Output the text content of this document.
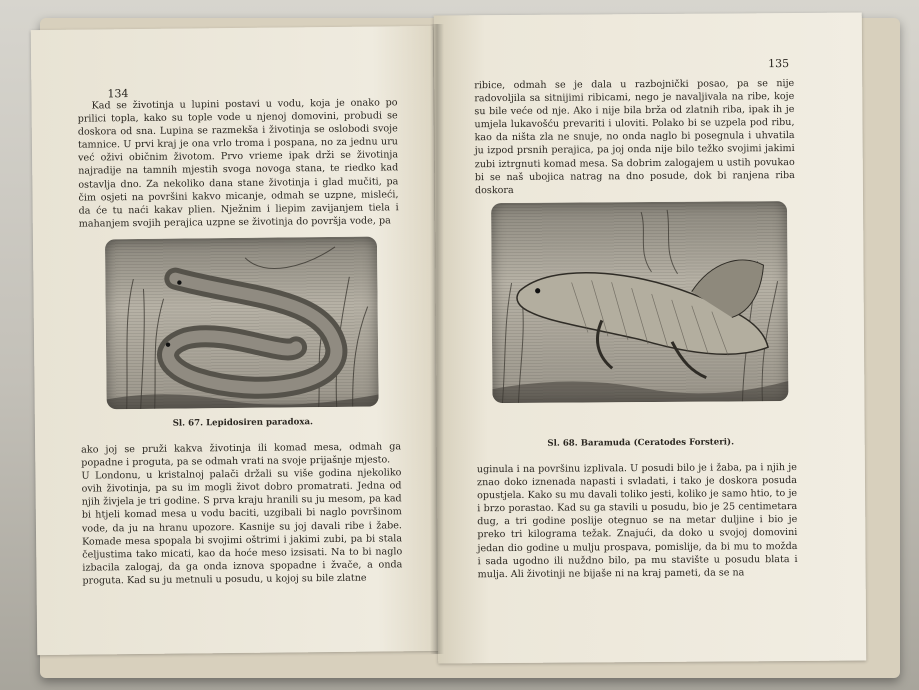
134
Kad se životinja u lupini postavi u vodu, koja je onako po prilici topla, kako su tople vode u njenoj domovini, probudi se doskora od sna. Lupina se razmekša i životinja se oslobodi svoje tamnice. U prvi kraj je ona vrlo troma i pospana, no za jednu uru već oživi običnim životom. Prvo vrieme ipak drži se životinja najradije na tamnih mjestih svoga novoga stana, te riedko kad ostavlja dno. Za nekoliko dana stane životinja i glad mučiti, pa čim osjeti na površini kakvo micanje, odmah se uzpne, misleći, da će tu naći kakav plien. Nježnim i liepim zavijanjem tiela i mahanjem svojih perajica uzpne se životinja do površja vode, pa
Sl. 67. Lepidosiren paradoxa.
ako joj se pruži kakva životinja ili komad mesa, odmah ga popadne i proguta, pa se odmah vrati na svoje prijašnje mjesto.
U Londonu, u kristalnoj palači držali su više godina njekoliko ovih životinja, pa su im mogli život dobro promatrati. Jedna od njih živjela je tri godine. S prva kraju hranili su ju mesom, pa kad bi htjeli komad mesa u vodu baciti, uzgibali bi naglo površinom vode, da ju na hranu upozore. Kasnije su joj davali ribe i žabe. Komade mesa spopala bi svojimi oštrimi i jakimi zubi, pa bi stala čeljustima tako micati, kao da hoće meso izsisati. Na to bi naglo izbacila zalogaj, da ga onda iznova spopadne i žvače, a onda proguta. Kad su ju metnuli u posudu, u kojoj su bile zlatne
135
ribice, odmah se je dala u razbojnički posao, pa se nije radovoljila sa sitnijimi ribicami, nego je navaljivala na ribe, koje su bile veće od nje. Ako i nije bila brža od zlatnih riba, ipak ih je umjela lukavošću prevariti i uloviti. Polako bi se uzpela pod ribu, kao da ništa zla ne snuje, no onda naglo bi posegnula i uhvatila ju izpod prsnih perajica, pa joj onda nije bilo težko svojimi jakimi zubi iztrgnuti komad mesa. Sa dobrim zalogajem u ustih povukao bi se naš ubojica natrag na dno posude, dok bi ranjena riba doskora
Sl. 68. Baramuda (Ceratodes Forsteri).
uginula i na površinu izplivala. U posudi bilo je i žaba, pa i njih je znao doko iznenada napasti i svladati, i tako je doskora posuda opustjela. Kako su mu davali toliko jesti, koliko je samo htio, to je i brzo porastao. Kad su ga stavili u posudu, bio je 25 centimetara dug, a tri godine poslije otegnuo se na metar duljine i bio je preko tri kilograma težak. Znajući, da doko u svojoj domovini jedan dio godine u mulju prospava, pomislije, da bi mu to možda i sada ugodno ili nuždno bilo, pa mu stavište u posudu blata i mulja. Ali životinji ne bijaše ni na kraj pameti, da se na
